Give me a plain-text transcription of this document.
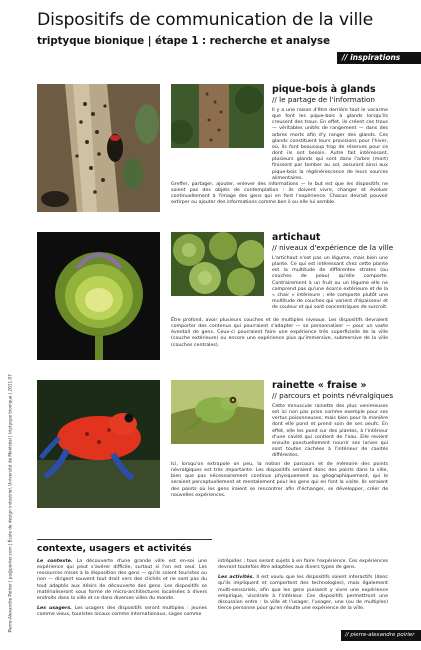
Dispositifs de communication de la ville
triptyque bionique | étape 1 : recherche et analyse
// inspirations
Pierre-Alexandre Poirier | pa@poirier.com | École de design industriel, Université de Montréal | triptyque bionique | 2011.07
pique-bois à glands
// le partage de l'information
Il y a une raison d'être derrière tout le vacarme que font les pique-bois à glands lorsqu'ils creusent des trous. En effet, ils créent ces trous — véritables unités de rangement — dans des arbres morts afin d'y ranger des glands. Ces glands constituent leurs provisions pour l'hiver, où, ils font beaucoup trop de réserves pour ce dont ils ont besoin. Autre fait intéressant, plusieurs glands qui sont dans l'arbre (mort) finissent par tomber au sol, assurant ainsi aux pique-bois la régénérescence de leurs sources alimentaires.
artichaut
// niveaux d'expérience de la ville
L'artichaut n'est pas un légume, mais bien une plante. Ce qui est intéressant chez cette plante est la multitude de différentes strates (ou couches de peau) qu'elle comporte. Contrairement à un fruit ou un légume elle ne comprend pas qu'une écorce extérieure et de la « chair » intérieure ; elle comporte plutôt une multitude de couches qui varient d'épaisseur et de couleur et qui sont concentriques de surcroît.
rainette « fraise »
// parcours et points névralgiques
Cette minuscule rainette des plus venimeuses est ici non pas prise comme exemple pour ses vertus poisonneuses, mais bien pour la manière dont elle pond et prend soin de ses oeufs. En effet, elle les pond sur des plantes, à l'intérieur d'une cavité qui contient de l'eau. Elle revient ensuite ponctuellement nourrir ses larves qui sont toutes cachées à l'intérieur de cavités différentes.
Greffer, partager, ajouter, enlever des informations — le but est que les dispositifs ne soient pas des objets de contemplation : ils doivent vivre, changer et évoluer continuellement à l'image des gens qui en font l'expérience. Chacun devrait pouvoir extirper ou ajouter des informations comme bon il ou elle lui semble.
Être profond, avoir plusieurs couches et de multiples niveaux. Les dispositifs devraient comporter des contenus qui pourraient s'adapter — se personnaliser — pour un vaste éventail de gens. Ceux-ci pourraient faire une expérience très superficielle de la ville (couche extérieure) ou encore une expérience plus qu'immersive, submersive de la ville (couches centrales).
Ici, lorsqu'on extrapole on peu, la notion de parcours et de mémoire des points névralgiques est très importante. Les dispositifs seraient donc des points dans la ville, bien que pas nécessairement continus physiquement ou géographiquement, qui le seraient perceptuellement et mentalement pour les gens qui en font la visite. Ils seraient des points où les gens iraient se rencontrer afin d'échanger, se développer, créer de nouvelles expériences.
contexte, usagers et activités

Le contexte. La découverte d'une grande ville est en-soi une expérience qui peut s'avérer difficile, surtout si l'on est seul. Les ressources mises à la disposition des gens — qu'ils soient touristes ou non — dirigent souvent tout droit vers des clichés et ne sont pas du tout adaptés aux désirs de découverte des gens. Les dispositifs se matérialiseront sous forme de micro-architectures localisées à divers endroits dans la ville et ce dans diverses villes du monde.

Les usagers. Les usagers des dispositifs seront multiples : jeunes comme vieux, touristes locaux comme internationaux, sages comme

intrépides ; tous seront sujets à en faire l'expérience. Ces expériences devront toutefois être adaptées aux divers types de gens.

Les activités. Il est voulu que les dispositifs soient interactifs (donc qu'ils impliquent et comportent des technologies), mais également multi-sensoriels, afin que les gens puissent y vivre une expérience empirique, viscérale à l'intérieur. Ces dispositifs permettront une discussion entre : la ville et l'usager, l'usager, une (ou de multiples) tierce personne pour qu'en résulte une expérience de la ville.

// pierre-alexandre poirier
